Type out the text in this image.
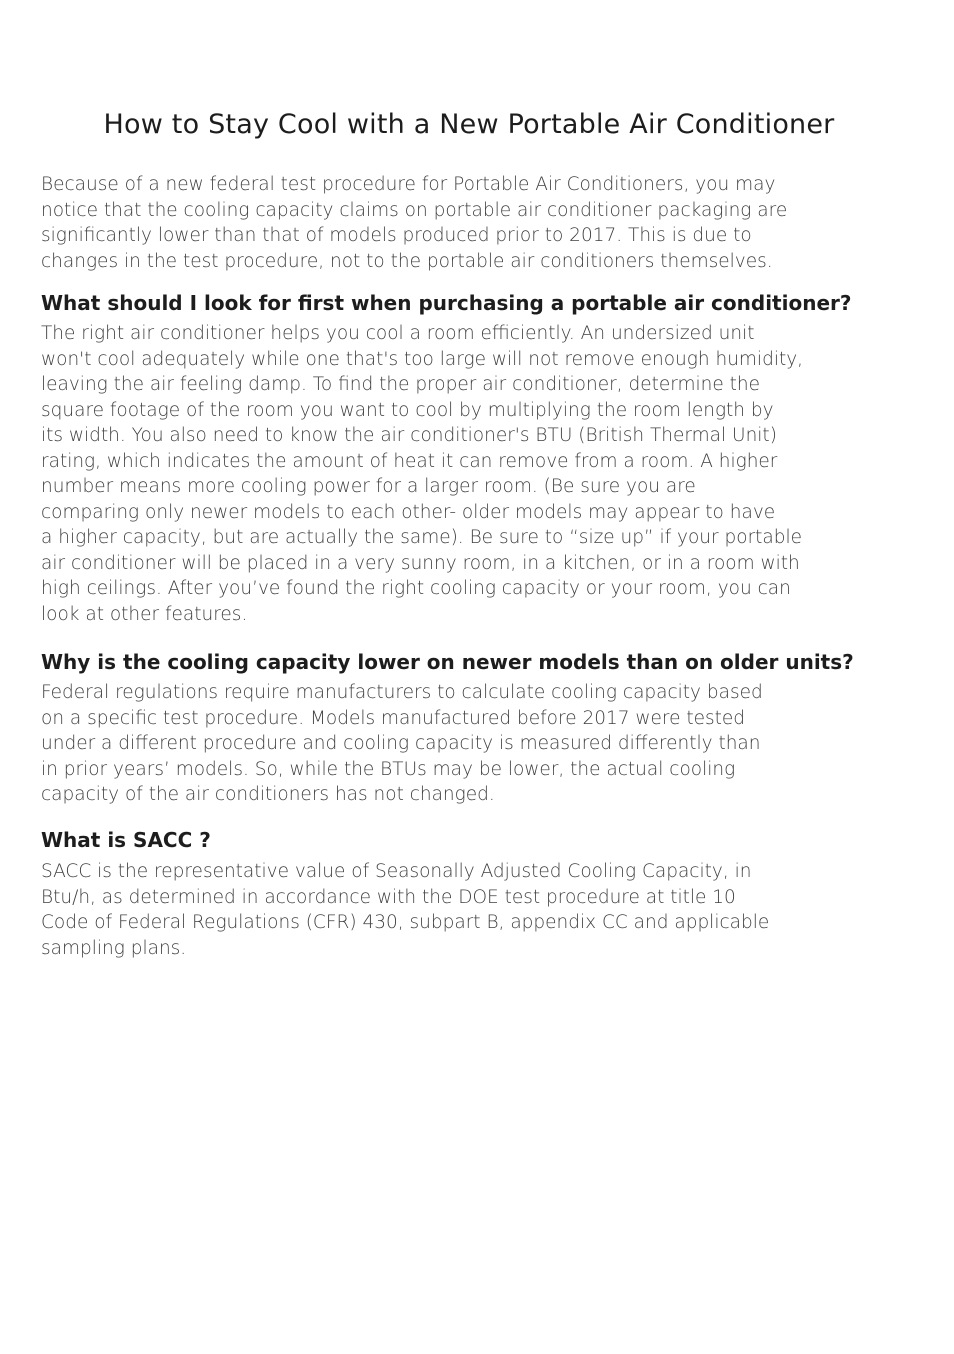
How to Stay Cool with a New Portable Air Conditioner

Because of a new federal test procedure for Portable Air Conditioners, you may
notice that the cooling capacity claims on portable air conditioner packaging are
significantly lower than that of models produced prior to 2017. This is due to
changes in the test procedure, not to the portable air conditioners themselves.

What should I look for first when purchasing a portable air conditioner?

The right air conditioner helps you cool a room efficiently. An undersized unit
won't cool adequately while one that's too large will not remove enough humidity,
leaving the air feeling damp. To find the proper air conditioner, determine the
square footage of the room you want to cool by multiplying the room length by
its width. You also need to know the air conditioner's BTU (British Thermal Unit)
rating, which indicates the amount of heat it can remove from a room. A higher
number means more cooling power for a larger room. (Be sure you are
comparing only newer models to each other- older models may appear to have
a higher capacity, but are actually the same). Be sure to “size up” if your portable
air conditioner will be placed in a very sunny room, in a kitchen, or in a room with
high ceilings. After you’ve found the right cooling capacity or your room, you can
look at other features.

Why is the cooling capacity lower on newer models than on older units?

Federal regulations require manufacturers to calculate cooling capacity based
on a specific test procedure. Models manufactured before 2017 were tested
under a different procedure and cooling capacity is measured differently than
in prior years’ models. So, while the BTUs may be lower, the actual cooling
capacity of the air conditioners has not changed.

What is SACC ?

SACC is the representative value of Seasonally Adjusted Cooling Capacity, in
Btu/h, as determined in accordance with the DOE test procedure at title 10
Code of Federal Regulations (CFR) 430, subpart B, appendix CC and applicable
sampling plans.
